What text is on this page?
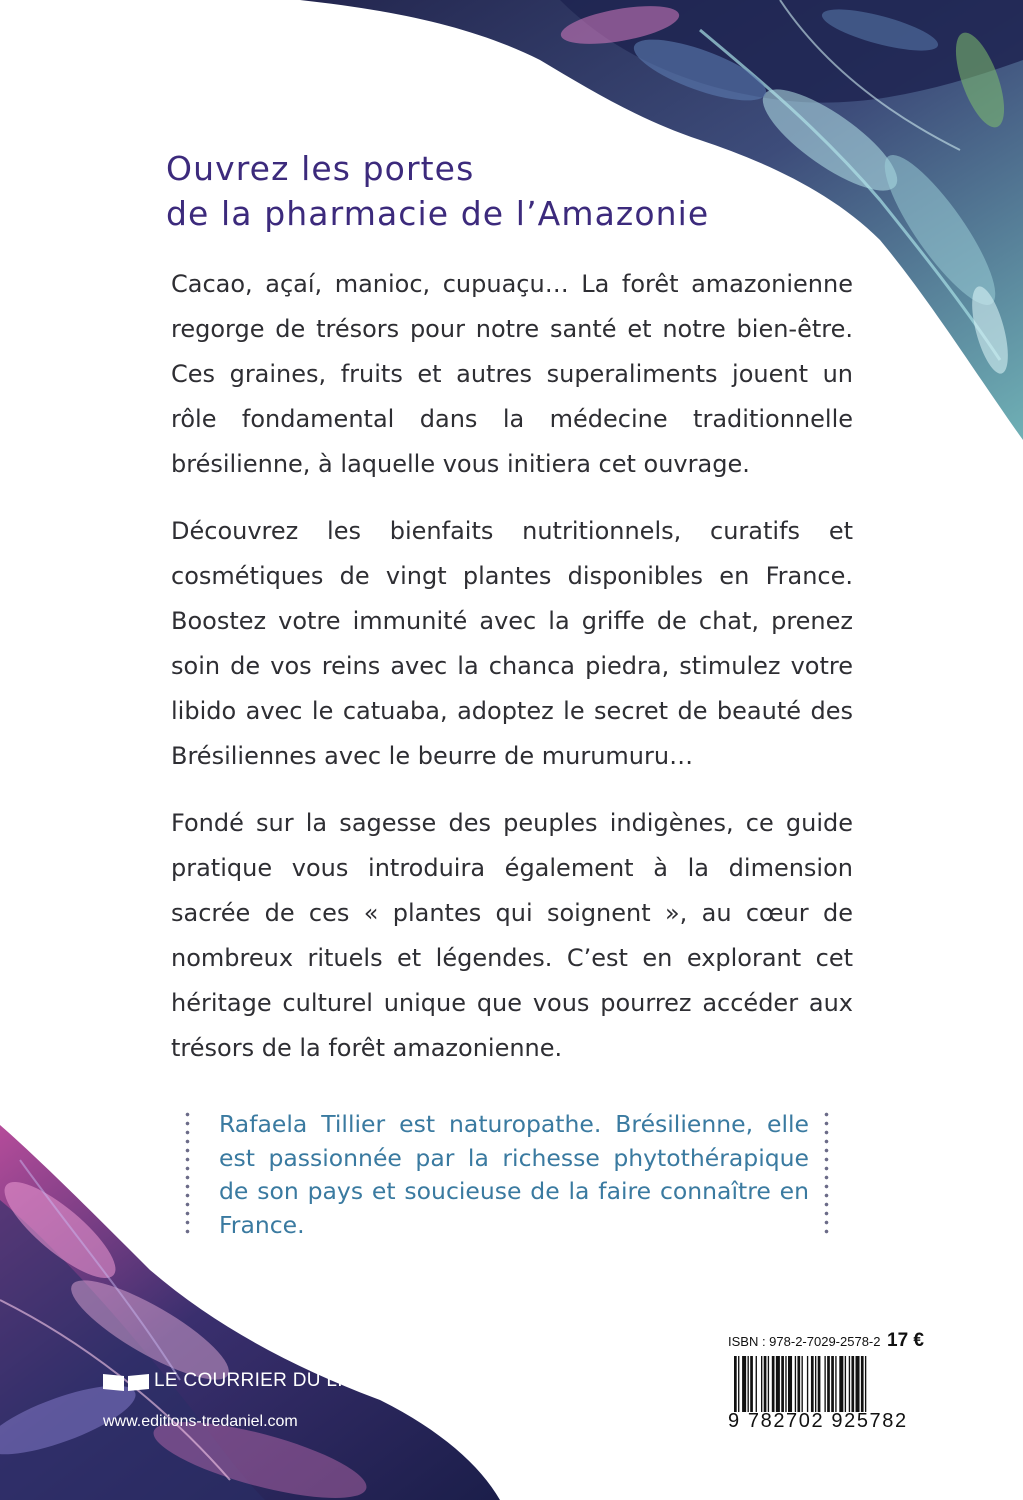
Ouvrez les portes
de la pharmacie de l’Amazonie

Cacao, açaí, manioc, cupuaçu… La forêt amazonienne regorge de trésors pour notre santé et notre bien-être. Ces graines, fruits et autres superaliments jouent un rôle fondamental dans la médecine traditionnelle brésilienne, à laquelle vous initiera cet ouvrage.

Découvrez les bienfaits nutritionnels, curatifs et cosmétiques de vingt plantes disponibles en France. Boostez votre immunité avec la griffe de chat, prenez soin de vos reins avec la chanca piedra, stimulez votre libido avec le catuaba, adoptez le secret de beauté des Brésiliennes avec le beurre de murumuru…

Fondé sur la sagesse des peuples indigènes, ce guide pratique vous introduira également à la dimension sacrée de ces « plantes qui soignent », au cœur de nombreux rituels et légendes. C’est en explorant cet héritage culturel unique que vous pourrez accéder aux trésors de la forêt amazonienne.

Rafaela Tillier est naturopathe. Brésilienne, elle est passionnée par la richesse phytothérapique de son pays et soucieuse de la faire connaître en France.
LE COURRIER DU LIVRE
www.editions-tredaniel.com
ISBN : 978-2-7029-2578-2 17 €
9 782702 925782
